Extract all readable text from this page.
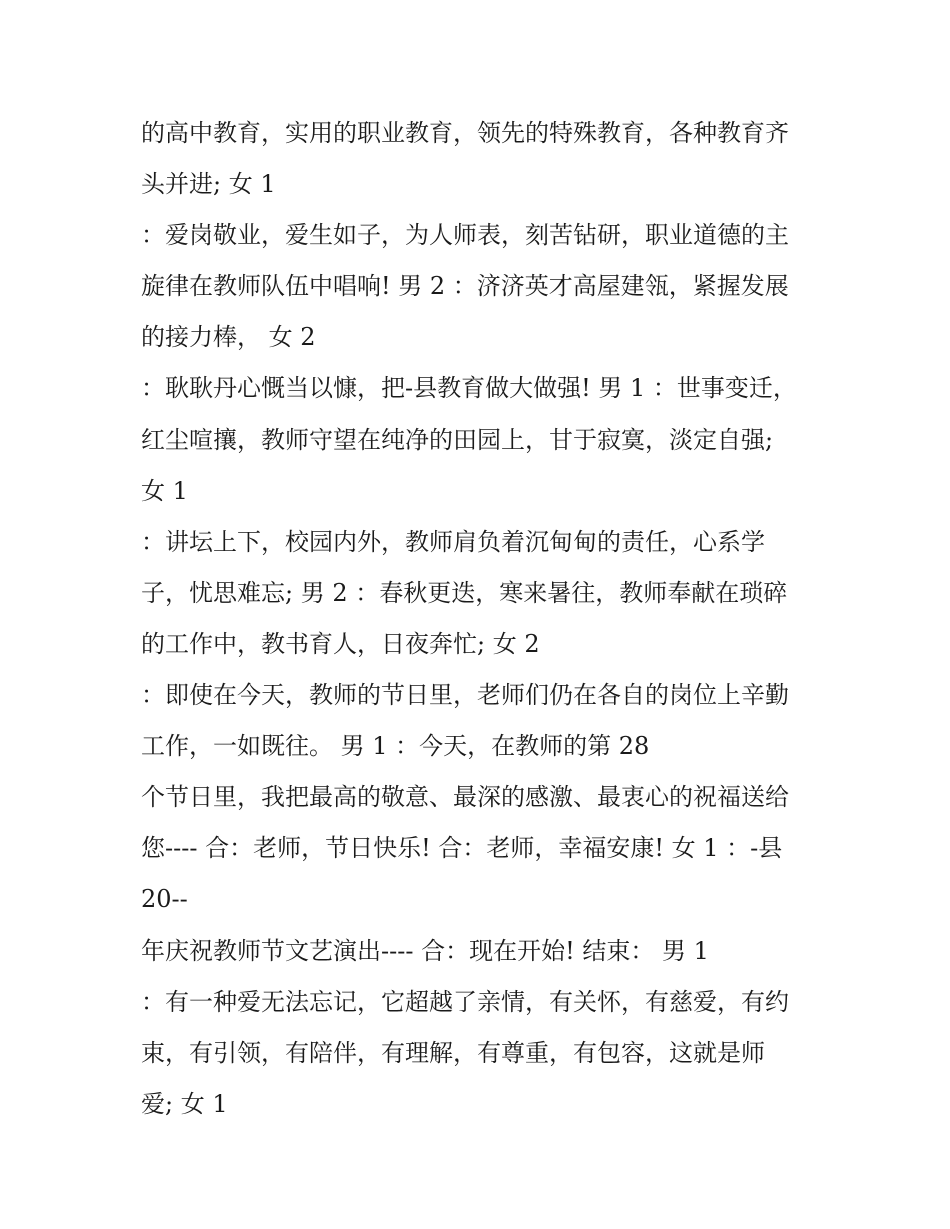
的高中教育，实用的职业教育，领先的特殊教育，各种教育齐
头并进; 女 1
：爱岗敬业，爱生如子，为人师表，刻苦钻研，职业道德的主
旋律在教师队伍中唱响! 男 2 ：济济英才高屋建瓴，紧握发展
的接力棒， 女 2
：耿耿丹心慨当以慷，把-县教育做大做强! 男 1 ：世事变迁，
红尘喧攘，教师守望在纯净的田园上，甘于寂寞，淡定自强;
女 1
：讲坛上下，校园内外，教师肩负着沉甸甸的责任，心系学
子，忧思难忘; 男 2 ：春秋更迭，寒来暑往，教师奉献在琐碎
的工作中，教书育人，日夜奔忙; 女 2
：即使在今天，教师的节日里，老师们仍在各自的岗位上辛勤
工作，一如既往。 男 1 ：今天，在教师的第 28
个节日里，我把最高的敬意、最深的感激、最衷心的祝福送给
您---- 合：老师，节日快乐! 合：老师，幸福安康! 女 1 ：-县
20--
年庆祝教师节文艺演出---- 合：现在开始! 结束： 男 1
：有一种爱无法忘记，它超越了亲情，有关怀，有慈爱，有约
束，有引领，有陪伴，有理解，有尊重，有包容，这就是师
爱; 女 1
